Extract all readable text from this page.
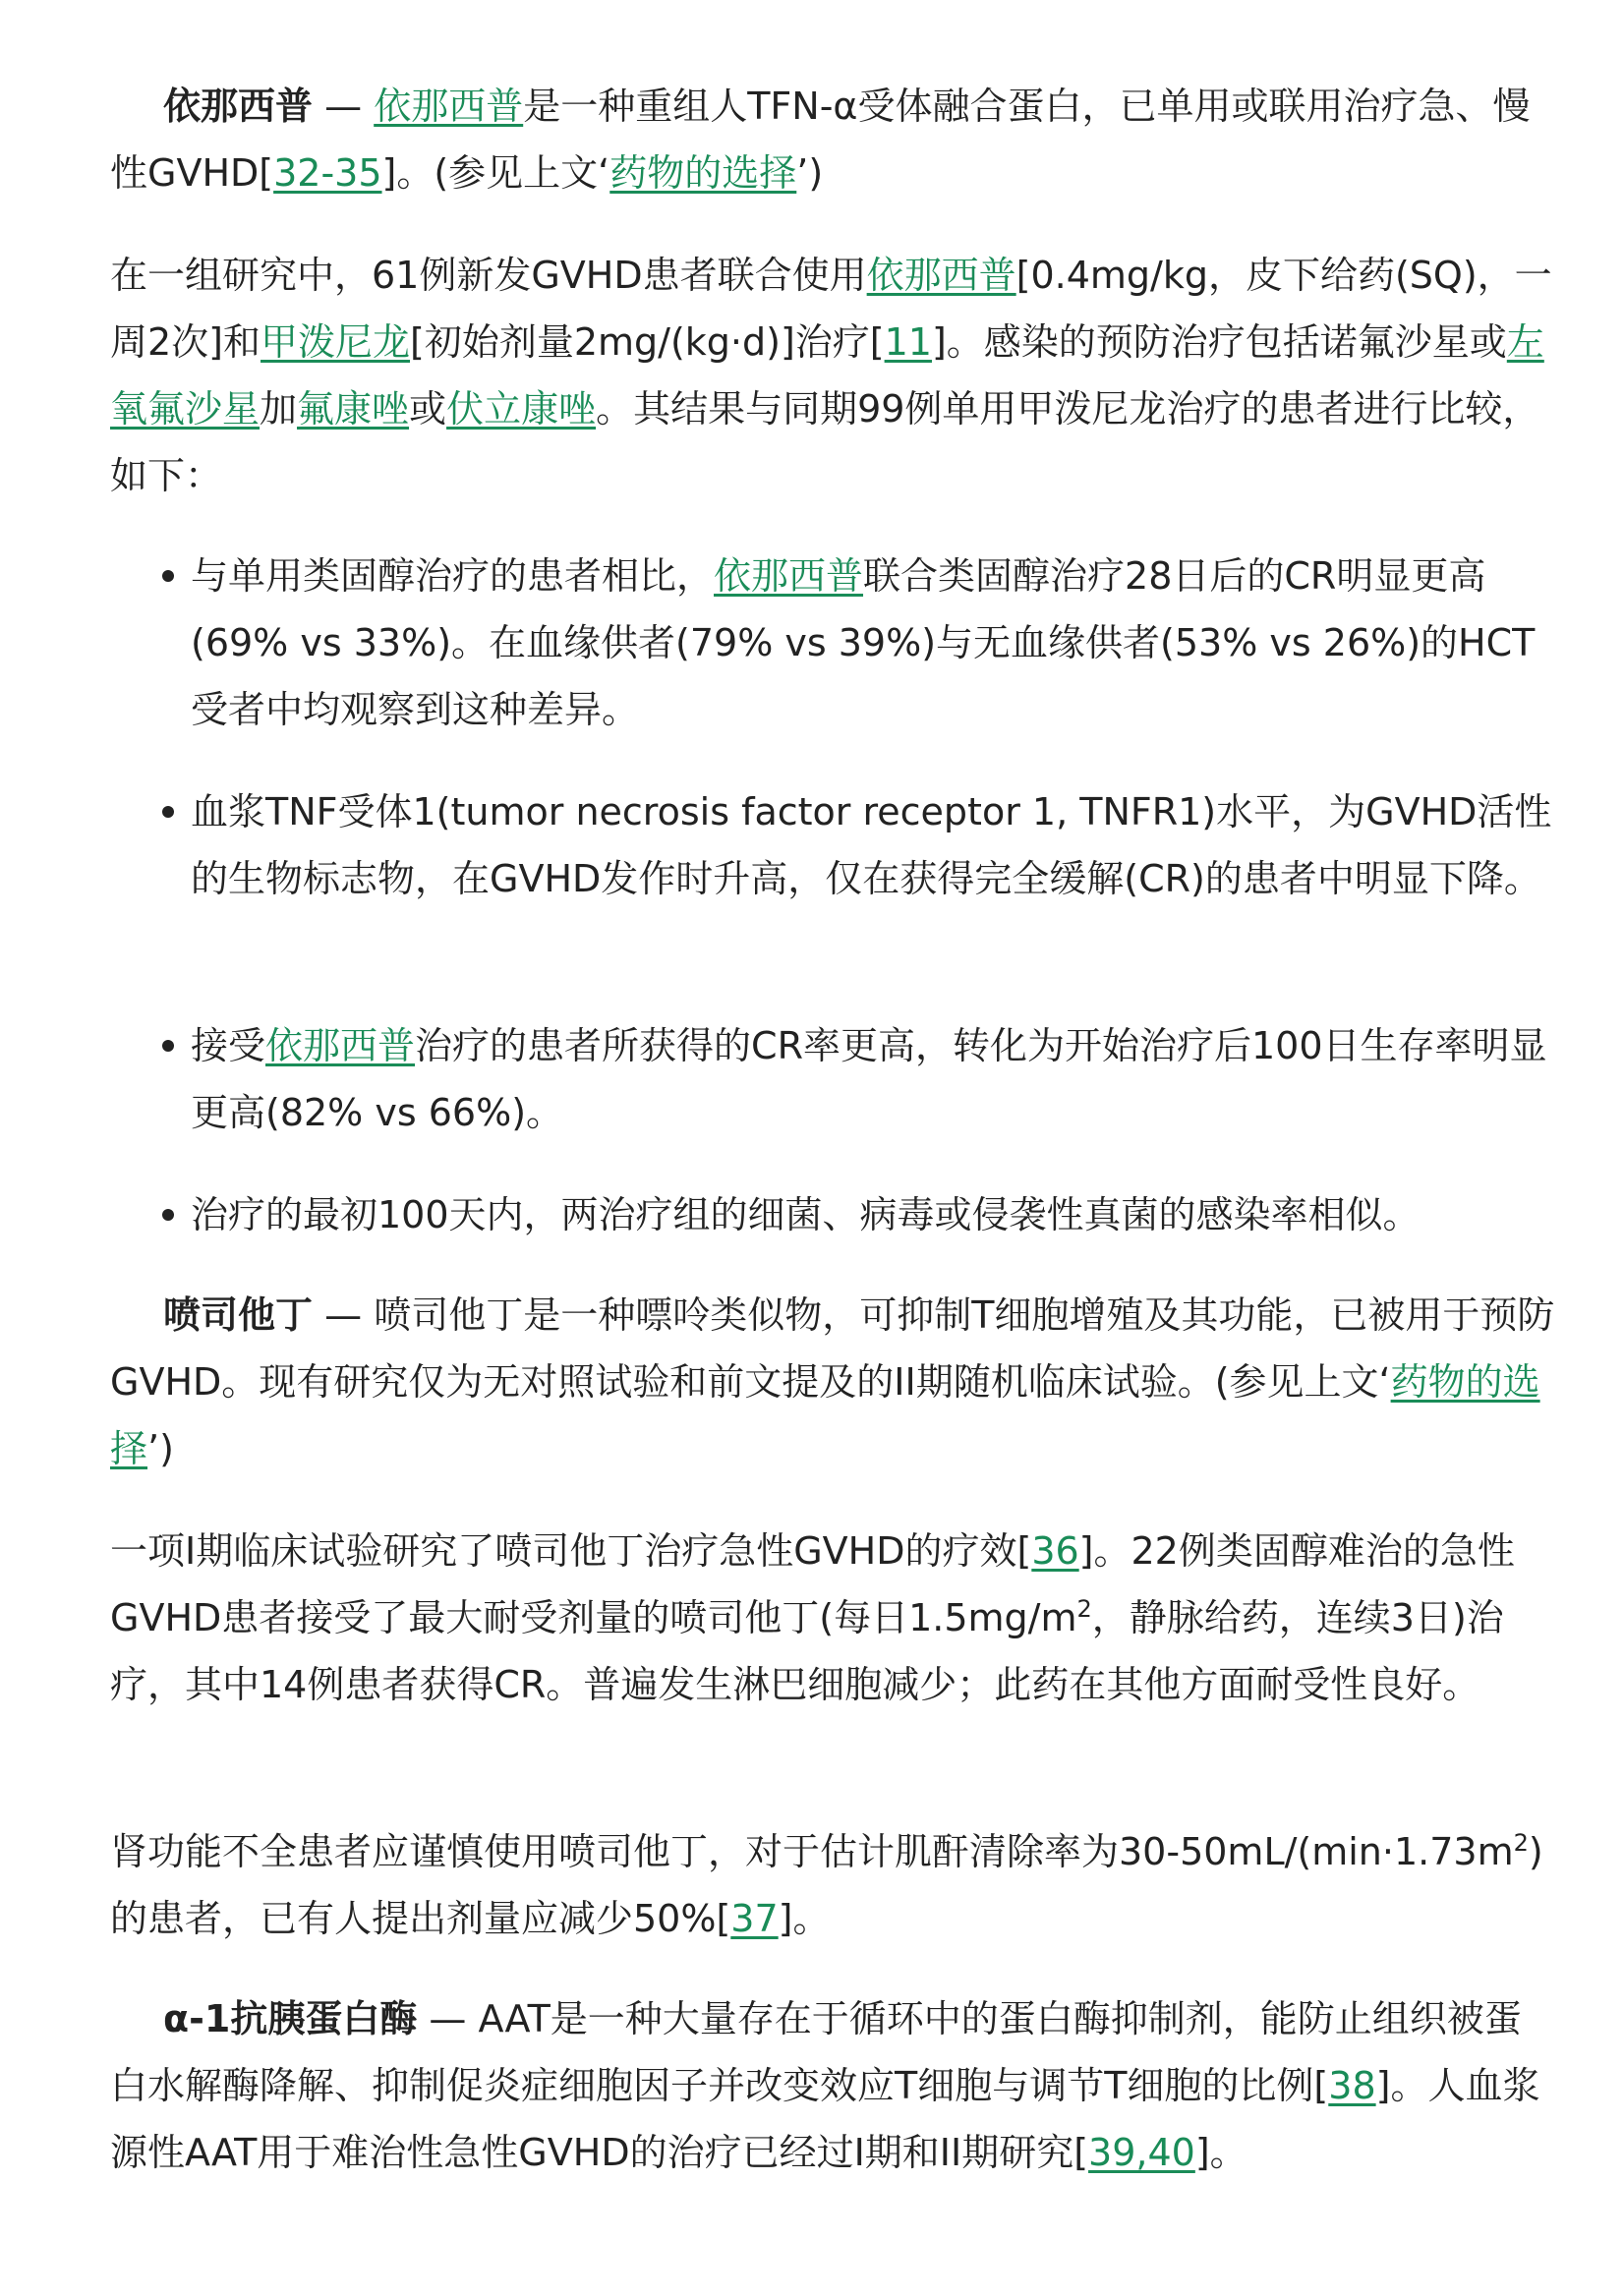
依那西普 — 依那西普是一种重组人TFN-α受体融合蛋白，已单用或联用治疗急、慢性GVHD[32-35]。(参见上文‘药物的选择’)

在一组研究中，61例新发GVHD患者联合使用依那西普[0.4mg/kg，皮下给药(SQ)，一周2次]和甲泼尼龙[初始剂量2mg/(kg·d)]治疗[11]。感染的预防治疗包括诺氟沙星或左氧氟沙星加氟康唑或伏立康唑。其结果与同期99例单用甲泼尼龙治疗的患者进行比较，如下：

与单用类固醇治疗的患者相比，依那西普联合类固醇治疗28日后的CR明显更高(69% vs 33%)。在血缘供者(79% vs 39%)与无血缘供者(53% vs 26%)的HCT受者中均观察到这种差异。
血浆TNF受体1(tumor necrosis factor receptor 1, TNFR1)水平，为GVHD活性的生物标志物，在GVHD发作时升高，仅在获得完全缓解(CR)的患者中明显下降。
接受依那西普治疗的患者所获得的CR率更高，转化为开始治疗后100日生存率明显更高(82% vs 66%)。
治疗的最初100天内，两治疗组的细菌、病毒或侵袭性真菌的感染率相似。

喷司他丁 — 喷司他丁是一种嘌呤类似物，可抑制T细胞增殖及其功能，已被用于预防GVHD。现有研究仅为无对照试验和前文提及的II期随机临床试验。(参见上文‘药物的选择’)

一项I期临床试验研究了喷司他丁治疗急性GVHD的疗效[36]。22例类固醇难治的急性GVHD患者接受了最大耐受剂量的喷司他丁(每日$1.5mg/m^2$，静脉给药，连续3日)治疗，其中14例患者获得CR。普遍发生淋巴细胞减少；此药在其他方面耐受性良好。

肾功能不全患者应谨慎使用喷司他丁，对于估计肌酐清除率为$30-50mL/(\min\cdot 1.73m^2)$的患者，已有人提出剂量应减少50%[37]。

α-1抗胰蛋白酶 — AAT是一种大量存在于循环中的蛋白酶抑制剂，能防止组织被蛋白水解酶降解、抑制促炎症细胞因子并改变效应T细胞与调节T细胞的比例[38]。人血浆源性AAT用于难治性急性GVHD的治疗已经过I期和II期研究[39,40]。
